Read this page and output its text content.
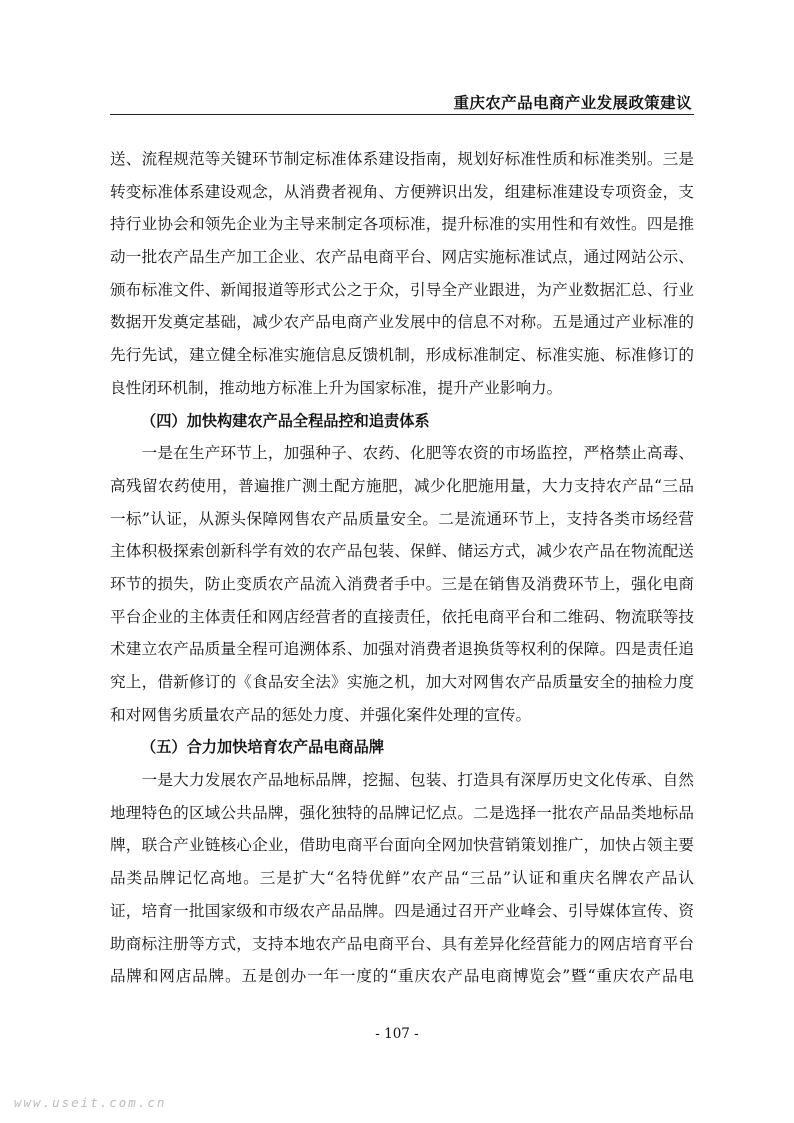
重庆农产品电商产业发展政策建议
送、流程规范等关键环节制定标准体系建设指南，规划好标准性质和标准类别。三是
转变标准体系建设观念，从消费者视角、方便辨识出发，组建标准建设专项资金，支
持行业协会和领先企业为主导来制定各项标准，提升标准的实用性和有效性。四是推
动一批农产品生产加工企业、农产品电商平台、网店实施标准试点，通过网站公示、
颁布标准文件、新闻报道等形式公之于众，引导全产业跟进，为产业数据汇总、行业
数据开发奠定基础，减少农产品电商产业发展中的信息不对称。五是通过产业标准的
先行先试，建立健全标准实施信息反馈机制，形成标准制定、标准实施、标准修订的
良性闭环机制，推动地方标准上升为国家标准，提升产业影响力。
（四）加快构建农产品全程品控和追责体系
　　一是在生产环节上，加强种子、农药、化肥等农资的市场监控，严格禁止高毒、
高残留农药使用，普遍推广测土配方施肥，减少化肥施用量，大力支持农产品“三品
一标”认证，从源头保障网售农产品质量安全。二是流通环节上，支持各类市场经营
主体积极探索创新科学有效的农产品包装、保鲜、储运方式，减少农产品在物流配送
环节的损失，防止变质农产品流入消费者手中。三是在销售及消费环节上，强化电商
平台企业的主体责任和网店经营者的直接责任，依托电商平台和二维码、物流联等技
术建立农产品质量全程可追溯体系、加强对消费者退换货等权利的保障。四是责任追
究上，借新修订的《食品安全法》实施之机，加大对网售农产品质量安全的抽检力度
和对网售劣质量农产品的惩处力度、并强化案件处理的宣传。
（五）合力加快培育农产品电商品牌
　　一是大力发展农产品地标品牌，挖掘、包装、打造具有深厚历史文化传承、自然
地理特色的区域公共品牌，强化独特的品牌记忆点。二是选择一批农产品品类地标品
牌，联合产业链核心企业，借助电商平台面向全网加快营销策划推广，加快占领主要
品类品牌记忆高地。三是扩大“名特优鲜”农产品“三品”认证和重庆名牌农产品认
证，培育一批国家级和市级农产品品牌。四是通过召开产业峰会、引导媒体宣传、资
助商标注册等方式，支持本地农产品电商平台、具有差异化经营能力的网店培育平台
品牌和网店品牌。五是创办一年一度的“重庆农产品电商博览会”暨“重庆农产品电
- 107 -
www.useit.com.cn
